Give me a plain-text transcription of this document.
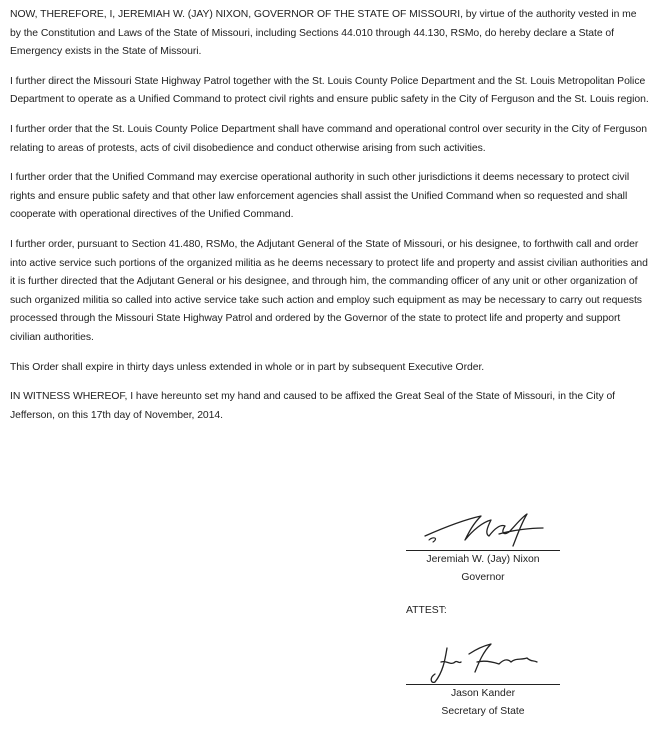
NOW, THEREFORE, I, JEREMIAH W. (JAY) NIXON, GOVERNOR OF THE STATE OF MISSOURI, by virtue of the authority vested in me by the Constitution and Laws of the State of Missouri, including Sections 44.010 through 44.130, RSMo, do hereby declare a State of Emergency exists in the State of Missouri.

I further direct the Missouri State Highway Patrol together with the St. Louis County Police Department and the St. Louis Metropolitan Police Department to operate as a Unified Command to protect civil rights and ensure public safety in the City of Ferguson and the St. Louis region.

I further order that the St. Louis County Police Department shall have command and operational control over security in the City of Ferguson relating to areas of protests, acts of civil disobedience and conduct otherwise arising from such activities.

I further order that the Unified Command may exercise operational authority in such other jurisdictions it deems necessary to protect civil rights and ensure public safety and that other law enforcement agencies shall assist the Unified Command when so requested and shall cooperate with operational directives of the Unified Command.

I further order, pursuant to Section 41.480, RSMo, the Adjutant General of the State of Missouri, or his designee, to forthwith call and order into active service such portions of the organized militia as he deems necessary to protect life and property and assist civilian authorities and it is further directed that the Adjutant General or his designee, and through him, the commanding officer of any unit or other organization of such organized militia so called into active service take such action and employ such equipment as may be necessary to carry out requests processed through the Missouri State Highway Patrol and ordered by the Governor of the state to protect life and property and support civilian authorities.

This Order shall expire in thirty days unless extended in whole or in part by subsequent Executive Order.

IN WITNESS WHEREOF, I have hereunto set my hand and caused to be affixed the Great Seal of the State of Missouri, in the City of Jefferson, on this 17th day of November, 2014.

Jeremiah W. (Jay) Nixon
Governor
ATTEST:
Jason Kander
Secretary of State
